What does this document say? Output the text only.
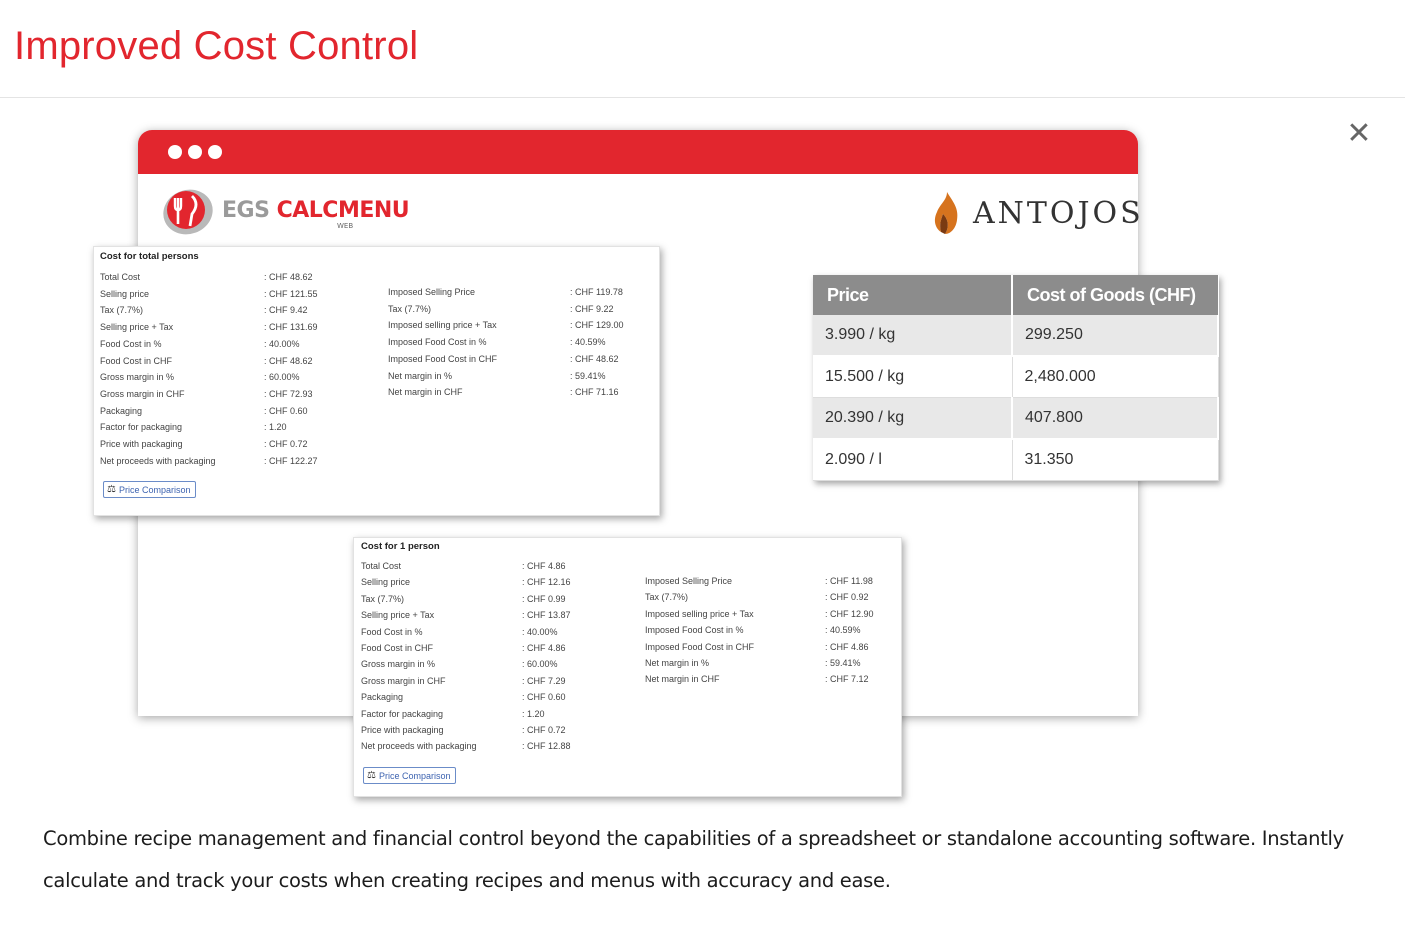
Improved Cost Control
✕
EGS CALCMENU
WEB	ANTOJOS
Price	Cost of Goods (CHF)
3.990 / kg	299.250
15.500 / kg	2,480.000
20.390 / kg	407.800
2.090 / l	31.350
Cost for total persons
⚖ Price Comparison
Total Cost	: CHF 48.62
Selling price	: CHF 121.55
Tax (7.7%)	: CHF 9.42
Selling price + Tax	: CHF 131.69
Food Cost in %	: 40.00%
Food Cost in CHF	: CHF 48.62
Gross margin in %	: 60.00%
Gross margin in CHF	: CHF 72.93
Packaging	: CHF 0.60
Factor for packaging	: 1.20
Price with packaging	: CHF 0.72
Net proceeds with packaging	: CHF 122.27
Imposed Selling Price	: CHF 119.78
Tax (7.7%)	: CHF 9.22
Imposed selling price + Tax	: CHF 129.00
Imposed Food Cost in %	: 40.59%
Imposed Food Cost in CHF	: CHF 48.62
Net margin in %	: 59.41%
Net margin in CHF	: CHF 71.16
Cost for 1 person
⚖ Price Comparison
Total Cost	: CHF 4.86
Selling price	: CHF 12.16
Tax (7.7%)	: CHF 0.99
Selling price + Tax	: CHF 13.87
Food Cost in %	: 40.00%
Food Cost in CHF	: CHF 4.86
Gross margin in %	: 60.00%
Gross margin in CHF	: CHF 7.29
Packaging	: CHF 0.60
Factor for packaging	: 1.20
Price with packaging	: CHF 0.72
Net proceeds with packaging	: CHF 12.88
Imposed Selling Price	: CHF 11.98
Tax (7.7%)	: CHF 0.92
Imposed selling price + Tax	: CHF 12.90
Imposed Food Cost in %	: 40.59%
Imposed Food Cost in CHF	: CHF 4.86
Net margin in %	: 59.41%
Net margin in CHF	: CHF 7.12

Combine recipe management and financial control beyond the capabilities of a spreadsheet or standalone accounting software. Instantly calculate and track your costs when creating recipes and menus with accuracy and ease.
